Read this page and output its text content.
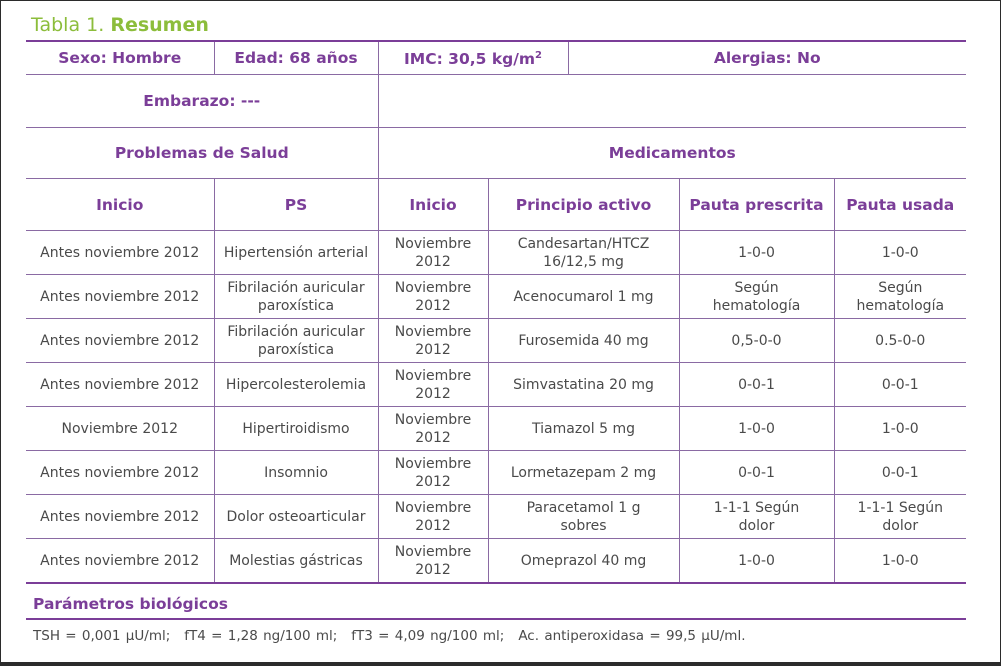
Tabla 1. Resumen
Sexo: Hombre	Edad: 68 años	IMC: 30,5 $kg/m^2$		Alergias: No		
Embarazo: ---						
Problemas de Salud		Medicamentos				
Inicio	PS	Inicio	Principio activo		Pauta prescrita	Pauta usada

Antes noviembre 2012	Hipertensión arterial	Noviembre 2012	Candesartan/HTCZ 16/12,5 mg		1-0-0	1-0-0

Antes noviembre 2012	Fibrilación auricular paroxística	Noviembre 2012	Acenocumarol 1 mg		Según hematología	Según hematología

Antes noviembre 2012	Fibrilación auricular paroxística	Noviembre 2012	Furosemida 40 mg		0,5-0-0	0.5-0-0

Antes noviembre 2012	Hipercolesterolemia	Noviembre 2012	Simvastatina 20 mg		0-0-1	0-0-1

Noviembre 2012	Hipertiroidismo	Noviembre 2012	Tiamazol 5 mg		1-0-0	1-0-0

Antes noviembre 2012	Insomnio	Noviembre 2012	Lormetazepam 2 mg		0-0-1	0-0-1

Antes noviembre 2012	Dolor osteoarticular	Noviembre 2012	Paracetamol 1 g sobres		1-1-1 Según dolor	1-1-1 Según dolor

Antes noviembre 2012	Molestias gástricas	Noviembre 2012	Omeprazol 40 mg		1-0-0	1-0-0
Parámetros biológicos
TSH = 0,001 µU/ml; fT4 = 1,28 ng/100 ml; fT3 = 4,09 ng/100 ml; Ac. antiperoxidasa = 99,5 µU/ml.
